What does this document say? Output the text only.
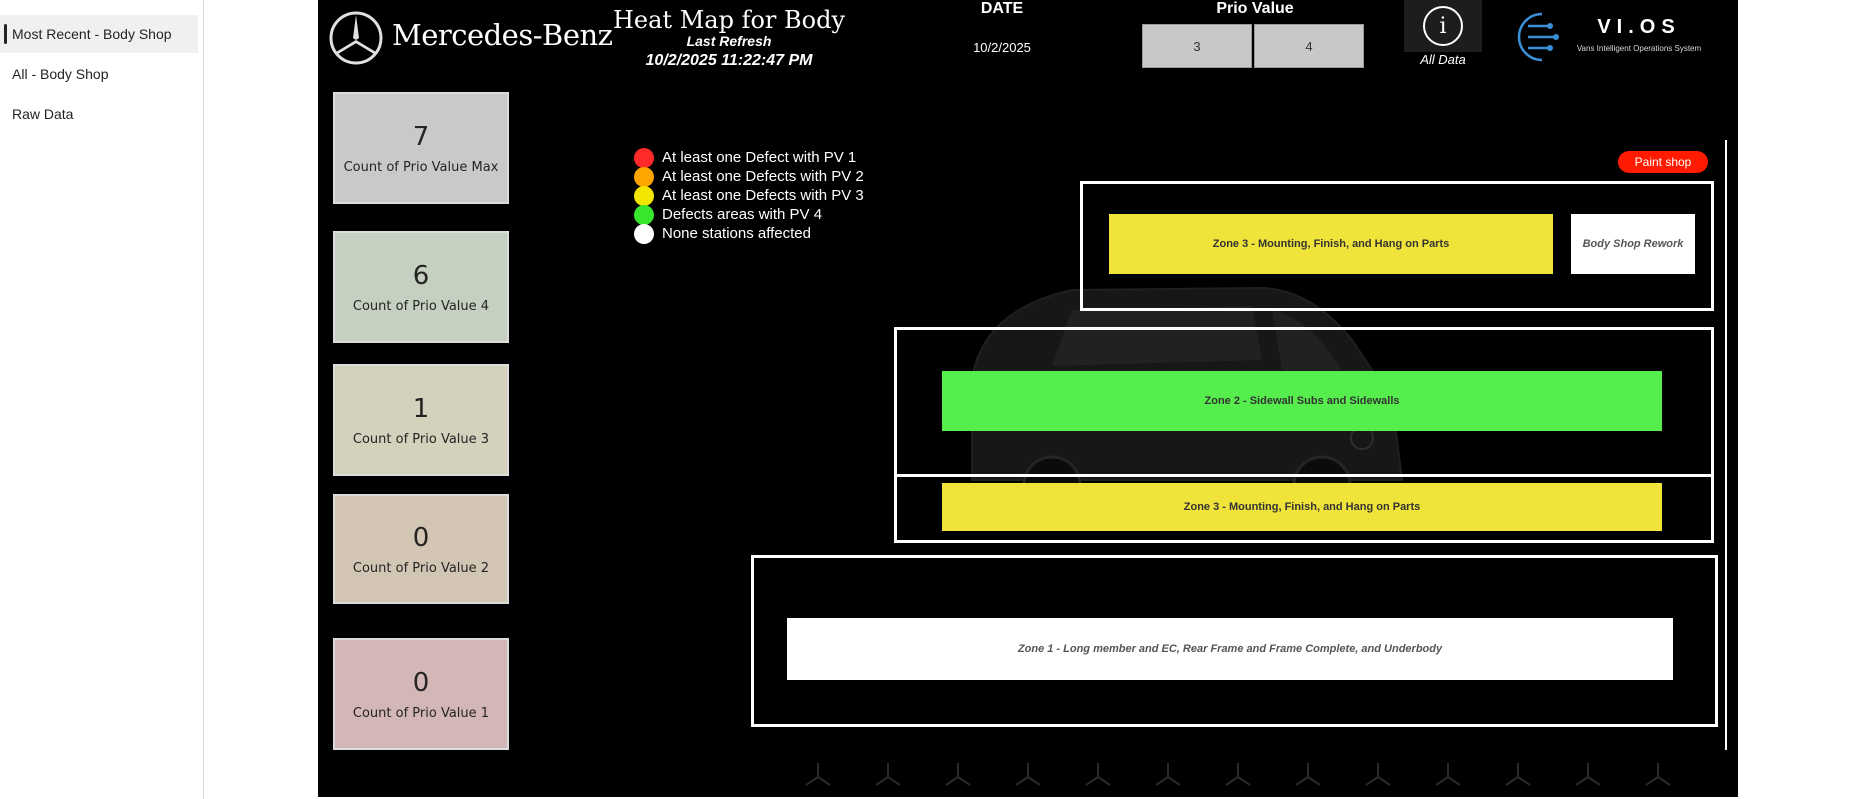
Most Recent - Body Shop
All - Body Shop
Raw Data
Mercedes-Benz Heat Map for Body
Last Refresh
10/2/2025 11:22:47 PM
DATE
10/2/2025
Prio Value
3	4
i
All Data
VI.OS
Vans Intelligent Operations System
7
Count of Prio Value Max
6
Count of Prio Value 4
1
Count of Prio Value 3
0
Count of Prio Value 2
0
Count of Prio Value 1
At least one Defect with PV 1
At least one Defects with PV 2
At least one Defects with PV 3
Defects areas with PV 4
None stations affected
Paint shop
Zone 3 - Mounting, Finish, and Hang on Parts	Body Shop Rework
Zone 2 - Sidewall Subs and Sidewalls
Zone 3 - Mounting, Finish, and Hang on Parts
Zone 1 - Long member and EC, Rear Frame and Frame Complete, and Underbody
